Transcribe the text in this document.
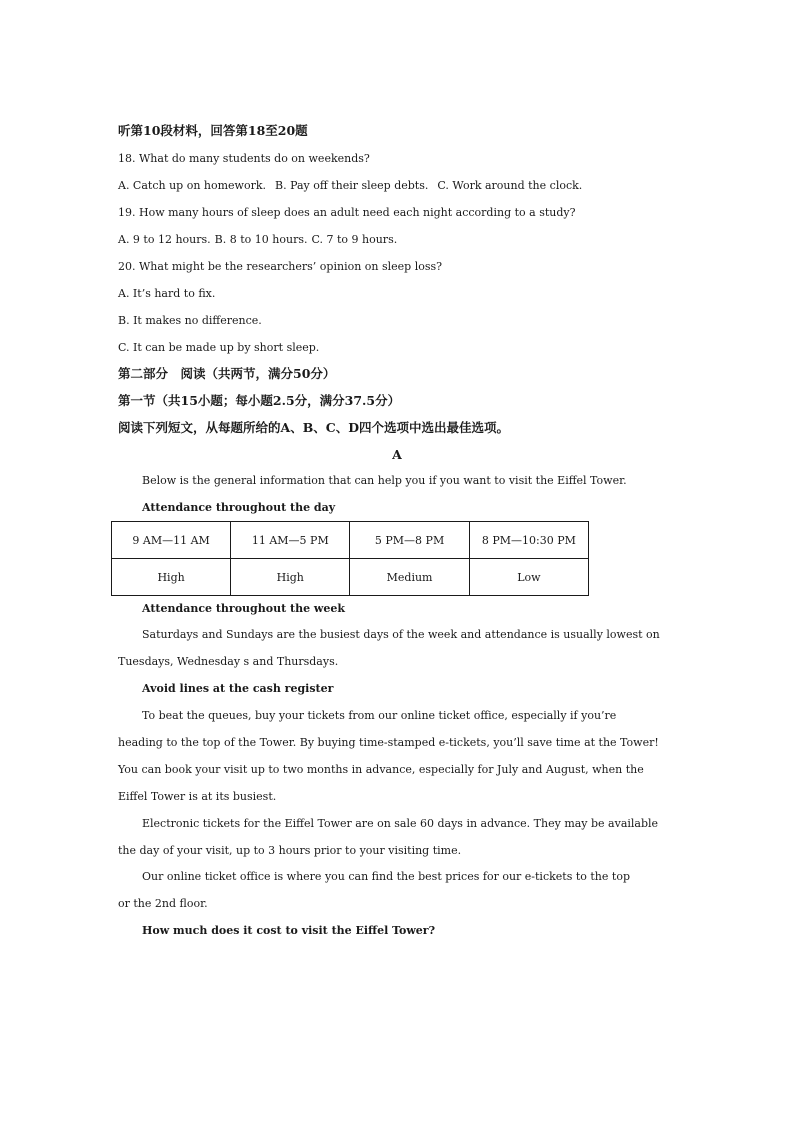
听第10段材料，回答第18至20题
18. What do many students do on weekends?
A. Catch up on homework. B. Pay off their sleep debts. C. Work around the clock.
19. How many hours of sleep does an adult need each night according to a study?
A. 9 to 12 hours. B. 8 to 10 hours. C. 7 to 9 hours.
20. What might be the researchers’ opinion on sleep loss?
A. It’s hard to fix.
B. It makes no difference.
C. It can be made up by short sleep.
第二部分　阅读（共两节，满分50分）
第一节（共15小题；每小题2.5分，满分37.5分）
阅读下列短文，从每题所给的A、B、C、D四个选项中选出最佳选项。
A
Below is the general information that can help you if you want to visit the Eiffel Tower.
Attendance throughout the day
9 AM—11 AM	11 AM—5 PM	5 PM—8 PM	8 PM—10:30 PM
High	High	Medium	Low
Attendance throughout the week
Saturdays and Sundays are the busiest days of the week and attendance is usually lowest on
Tuesdays, Wednesday s and Thursdays.
Avoid lines at the cash register
To beat the queues, buy your tickets from our online ticket office, especially if you’re
heading to the top of the Tower. By buying time-stamped e-tickets, you’ll save time at the Tower!
You can book your visit up to two months in advance, especially for July and August, when the
Eiffel Tower is at its busiest.
Electronic tickets for the Eiffel Tower are on sale 60 days in advance. They may be available
the day of your visit, up to 3 hours prior to your visiting time.
Our online ticket office is where you can find the best prices for our e-tickets to the top
or the 2nd floor.
How much does it cost to visit the Eiffel Tower?
